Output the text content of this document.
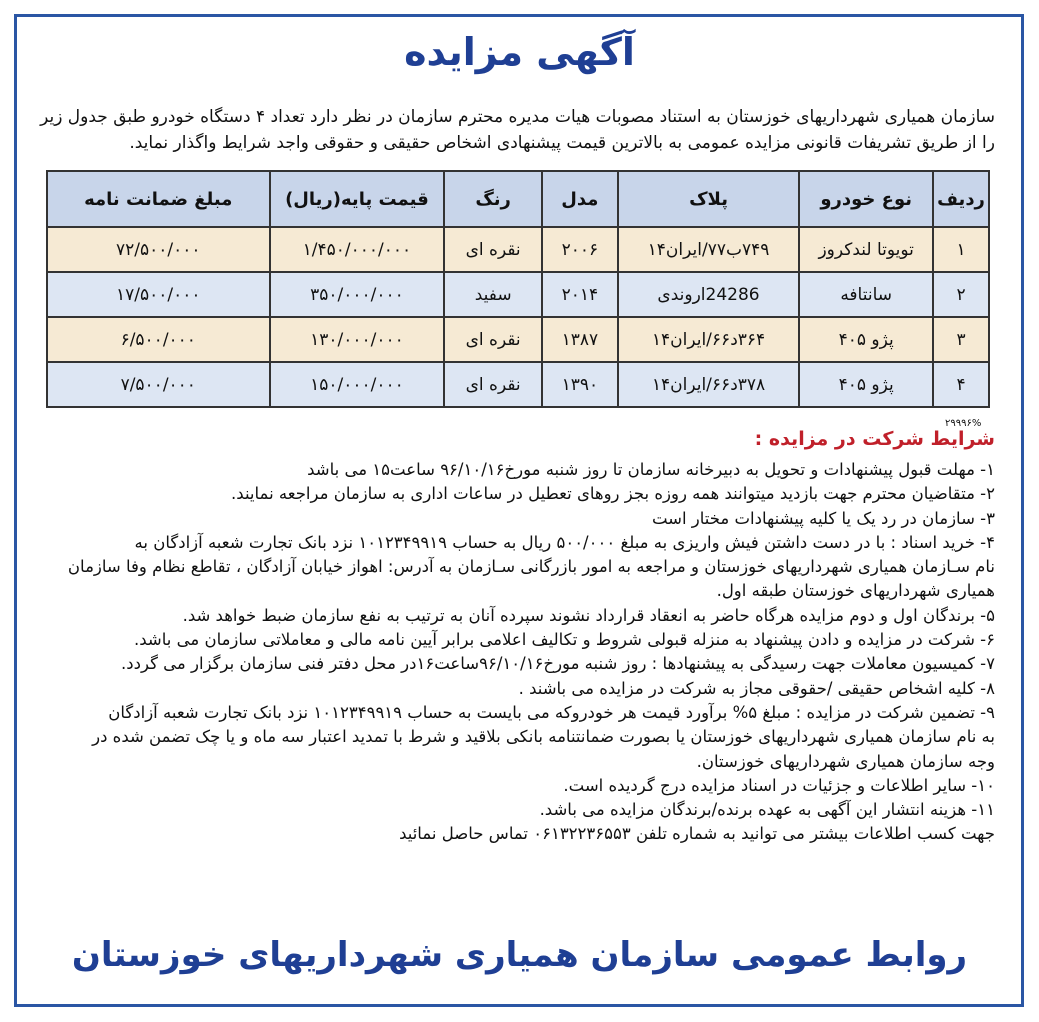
آگهی مزایده
سازمان همیاری شهرداریهای خوزستان به استناد مصوبات هیات مدیره محترم سازمان در نظر دارد تعداد ۴ دستگاه خودرو طبق جدول زیر
را از طریق تشریفات قانونی مزایده عمومی به بالاترین قیمت پیشنهادی اشخاص حقیقی و حقوقی واجد شرایط واگذار نماید.
ردیف	نوع خودرو	پلاک	مدل	رنگ	قیمت پایه(ریال)	مبلغ ضمانت نامه
۱	تویوتا لندکروز	۷۴۹ب۷۷/ایران۱۴	۲۰۰۶	نقره ای	۱/۴۵۰/۰۰۰/۰۰۰	۷۲/۵۰۰/۰۰۰
۲	سانتافه	24286اروندی	۲۰۱۴	سفید	۳۵۰/۰۰۰/۰۰۰	۱۷/۵۰۰/۰۰۰
۳	پژو ۴۰۵	۳۶۴د۶۶/ایران۱۴	۱۳۸۷	نقره ای	۱۳۰/۰۰۰/۰۰۰	۶/۵۰۰/۰۰۰
۴	پژو ۴۰۵	۳۷۸د۶۶/ایران۱۴	۱۳۹۰	نقره ای	۱۵۰/۰۰۰/۰۰۰	۷/۵۰۰/۰۰۰
۲۹۹۹۶%
شرایط شرکت در مزایده :
۱- مهلت قبول پیشنهادات و تحویل به دبیرخانه سازمان تا روز شنبه مورخ۹۶/۱۰/۱۶ ساعت۱۵ می باشد
۲- متقاضیان محترم جهت بازدید میتوانند همه روزه بجز روهای تعطیل در ساعات اداری به سازمان مراجعه نمایند.
۳- سازمان در رد یک یا کلیه پیشنهادات مختار است
۴- خرید اسناد : با در دست داشتن فیش واریزی به مبلغ ۵۰۰/۰۰۰ ریال به حساب ۱۰۱۲۳۴۹۹۱۹ نزد بانک تجارت شعبه آزادگان به
نام سـازمان همیاری شهرداریهای خوزستان و مراجعه به امور بازرگانی سـازمان به آدرس: اهواز خیابان آزادگان ، تقاطع نظام وفا سازمان
همیاری شهرداریهای خوزستان طبقه اول.
۵- برندگان اول و دوم مزایده هرگاه حاضر به انعقاد قرارداد نشوند سپرده آنان به ترتیب به نفع سازمان ضبط خواهد شد.
۶- شرکت در مزایده و دادن پیشنهاد به منزله قبولی شروط و تکالیف اعلامی برابر آیین نامه مالی و معاملاتی سازمان می باشد.
۷- کمیسیون معاملات جهت رسیدگی به پیشنهادها : روز شنبه مورخ۹۶/۱۰/۱۶ساعت۱۶در محل دفتر فنی سازمان برگزار می گردد.
۸- کلیه اشخاص حقیقی /حقوقی مجاز به شرکت در مزایده می باشند .
۹- تضمین شرکت در مزایده : مبلغ ۵% برآورد قیمت هر خودروکه می بایست به حساب ۱۰۱۲۳۴۹۹۱۹ نزد بانک تجارت شعبه آزادگان
به نام سازمان همیاری شهرداریهای خوزستان یا بصورت ضمانتنامه بانکی بلاقید و شرط با تمدید اعتبار سه ماه و یا چک تضمن شده در
وجه سازمان همیاری شهرداریهای خوزستان.
۱۰- سایر اطلاعات و جزئیات در اسناد مزایده درج گردیده است.
۱۱- هزینه انتشار این آگهی به عهده برنده/برندگان مزایده می باشد.
جهت کسب اطلاعات بیشتر می توانید به شماره تلفن ۰۶۱۳۲۲۳۶۵۵۳ تماس حاصل نمائید
روابط عمومی سازمان همیاری شهرداریهای خوزستان
